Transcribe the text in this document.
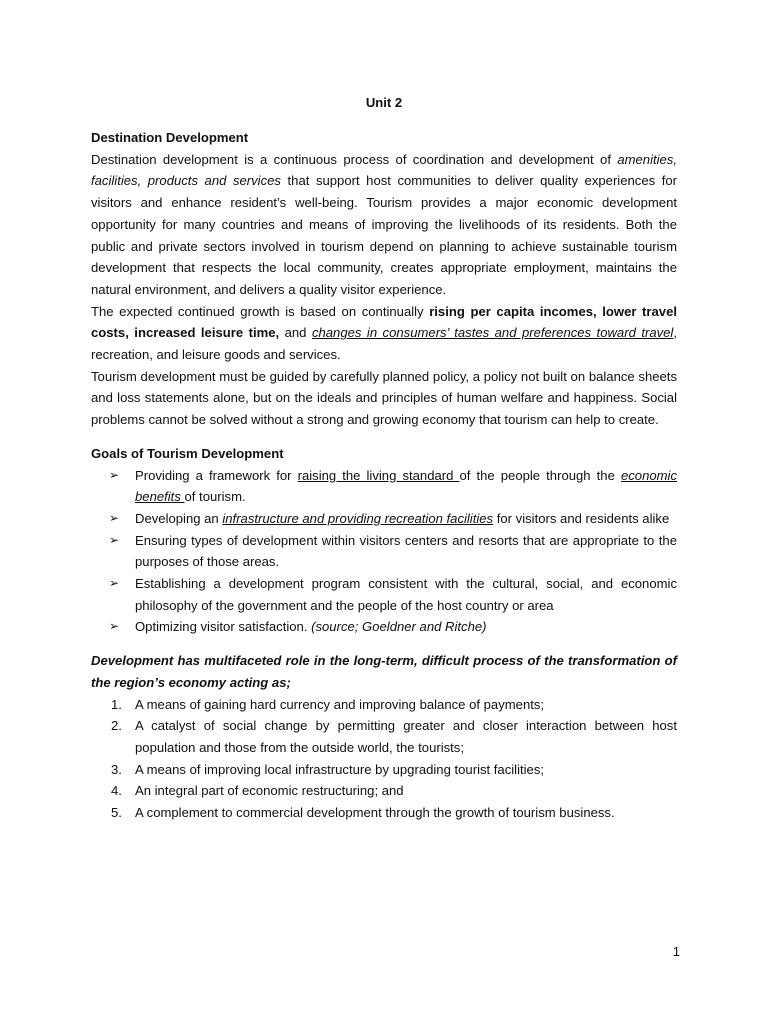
Unit 2

Destination Development

Destination development is a continuous process of coordination and development of amenities, facilities, products and services that support host communities to deliver quality experiences for visitors and enhance resident’s well-being. Tourism provides a major economic development opportunity for many countries and means of improving the livelihoods of its residents. Both the public and private sectors involved in tourism depend on planning to achieve sustainable tourism development that respects the local community, creates appropriate employment, maintains the natural environment, and delivers a quality visitor experience.

The expected continued growth is based on continually rising per capita incomes, lower travel costs, increased leisure time, and changes in consumers’ tastes and preferences toward travel, recreation, and leisure goods and services.

Tourism development must be guided by carefully planned policy, a policy not built on balance sheets and loss statements alone, but on the ideals and principles of human welfare and happiness. Social problems cannot be solved without a strong and growing economy that tourism can help to create.

Goals of Tourism Development

➢ Providing a framework for raising the living standard of the people through the economic benefits of tourism.
➢ Developing an infrastructure and providing recreation facilities for visitors and residents alike
➢ Ensuring types of development within visitors centers and resorts that are appropriate to the purposes of those areas.
➢ Establishing a development program consistent with the cultural, social, and economic philosophy of the government and the people of the host country or area
➢ Optimizing visitor satisfaction. (source; Goeldner and Ritche)

Development has multifaceted role in the long-term, difficult process of the transformation of the region’s economy acting as;

1. A means of gaining hard currency and improving balance of payments;
2. A catalyst of social change by permitting greater and closer interaction between host population and those from the outside world, the tourists;
3. A means of improving local infrastructure by upgrading tourist facilities;
4. An integral part of economic restructuring; and
5. A complement to commercial development through the growth of tourism business.
1
